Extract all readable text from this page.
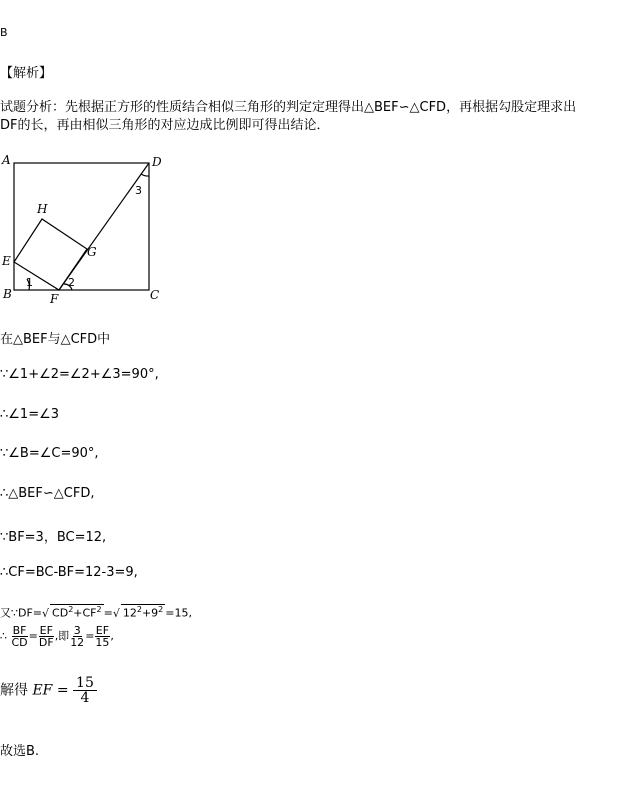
B
【解析】
试题分析：先根据正方形的性质结合相似三角形的判定定理得出△BEF∽△CFD，再根据勾股定理求出
DF的长，再由相似三角形的对应边成比例即可得出结论．
A	D
B	C
E
F
G
H
1	2
3
在△BEF与△CFD中
∵∠1+∠2=∠2+∠3=90°,
∴∠1=∠3
∵∠B=∠C=90°,
∴△BEF∽△CFD,
∵BF=3，BC=12,
∴CF=BC-BF=12-3=9,
又∵DF=√ $CD^2+CF^2$ =√ $12^2+9^2 =15$,
∴ $\frac{BF}{CD} = \frac{EF}{DF}$ ,即 $\frac{3}{12} = \frac{EF}{15}$ ,
解得 EF = $\frac{15}{4}$
故选B.
